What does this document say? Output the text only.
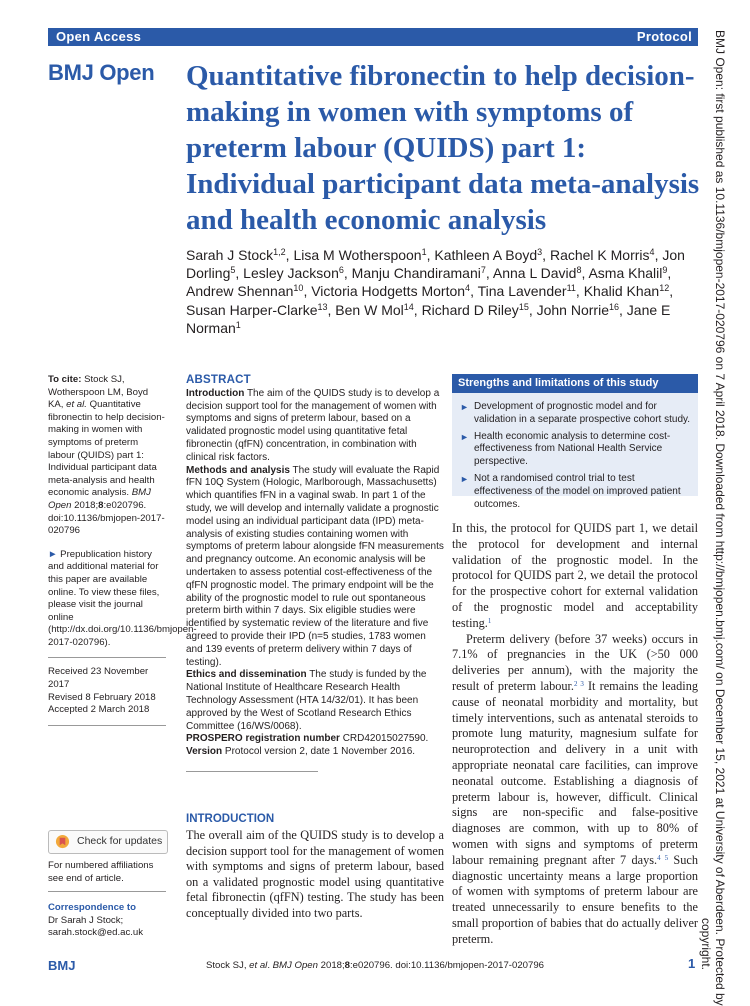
Open Access	Protocol
BMJ Open Quantitative fibronectin to help decision-making in women with symptoms of preterm labour (QUIDS) part 1: Individual participant data meta-analysis and health economic analysis
Sarah J Stock$^{1,2}$, Lisa M Wotherspoon$^1$, Kathleen A Boyd$^3$, Rachel K Morris$^4$, Jon Dorling$^5$, Lesley Jackson$^6$, Manju Chandiramani$^7$, Anna L David$^8$, Asma Khalil$^9$, Andrew Shennan$^{10}$, Victoria Hodgetts Morton$^4$, Tina Lavender$^{11}$, Khalid Khan$^{12}$, Susan Harper-Clarke$^{13}$, Ben W Mol$^{14}$, Richard D Riley$^{15}$, John Norrie$^{16}$, Jane E Norman$^1$

To cite: Stock SJ, Wotherspoon LM, Boyd KA, et al. Quantitative fibronectin to help decision-making in women with symptoms of preterm labour (QUIDS) part 1: Individual participant data meta-analysis and health economic analysis. BMJ Open 2018;8:e020796. doi:10.1136/bmjopen-2017-020796

► Prepublication history and additional material for this paper are available online. To view these files, please visit the journal online (http://dx.doi.org/10.1136/bmjopen-2017-020796).

Received 23 November 2017

Revised 8 February 2018

Accepted 2 March 2018

Check for updates

For numbered affiliations see end of article.

Correspondence to

Dr Sarah J Stock;

sarah.stock@ed.ac.uk

ABSTRACT

Introduction The aim of the QUIDS study is to develop a decision support tool for the management of women with symptoms and signs of preterm labour, based on a validated prognostic model using quantitative fetal fibronectin (qfFN) concentration, in combination with clinical risk factors.

Methods and analysis The study will evaluate the Rapid fFN 10Q System (Hologic, Marlborough, Massachusetts) which quantifies fFN in a vaginal swab. In part 1 of the study, we will develop and internally validate a prognostic model using an individual participant data (IPD) meta-analysis of existing studies containing women with symptoms of preterm labour alongside fFN measurements and pregnancy outcome. An economic analysis will be undertaken to assess potential cost-effectiveness of the qfFN prognostic model. The primary endpoint will be the ability of the prognostic model to rule out spontaneous preterm birth within 7 days. Six eligible studies were identified by systematic review of the literature and five agreed to provide their IPD (n=5 studies, 1783 women and 139 events of preterm delivery within 7 days of testing).

Ethics and dissemination The study is funded by the National Institute of Healthcare Research Health Technology Assessment (HTA 14/32/01). It has been approved by the West of Scotland Research Ethics Committee (16/WS/0068).

PROSPERO registration number CRD42015027590.

Version Protocol version 2, date 1 November 2016.

INTRODUCTION
The overall aim of the QUIDS study is to develop a decision support tool for the management of women with symptoms and signs of preterm labour, based on a validated prognostic model using quantitative fetal fibronectin (qfFN) testing. The study has been conceptually divided into two parts.
Strengths and limitations of this study
► Development of prognostic model and for validation in a separate prospective cohort study.
► Health economic analysis to determine cost-effectiveness from National Health Service perspective.
► Not a randomised control trial to test effectiveness of the model on improved patient outcomes.

In this, the protocol for QUIDS part 1, we detail the protocol for development and internal validation of the prognostic model. In the protocol for QUIDS part 2, we detail the protocol for the prospective cohort for external validation of the prognostic model and acceptability testing.$^1$

Preterm delivery (before 37 weeks) occurs in 7.1% of pregnancies in the UK (>50 000 deliveries per annum), with the majority the result of preterm labour.$^{2 3}$ It remains the leading cause of neonatal morbidity and mortality, but timely interventions, such as antenatal steroids to promote lung maturity, magnesium sulfate for neuroprotection and delivery in a unit with appropriate neonatal care facilities, can improve neonatal outcome. Establishing a diagnosis of preterm labour is, however, difficult. Clinical signs are non-specific and false-positive diagnoses are common, with up to 80% of women with signs and symptoms of preterm labour remaining pregnant after 7 days.$^{4 5}$ Such diagnostic uncertainty means a large proportion of women with symptoms of preterm labour are treated unnecessarily to ensure benefits to the small proportion of babies that do actually deliver preterm.

BMJ	Stock SJ, et al. BMJ Open 2018;8:e020796. doi:10.1136/bmjopen-2017-020796	1 BMJ Open: first published as 10.1136/bmjopen-2017-020796 on 7 April 2018. Downloaded from http://bmjopen.bmj.com/ on December 15, 2021 at University of Aberdeen. Protected by
copyright.
